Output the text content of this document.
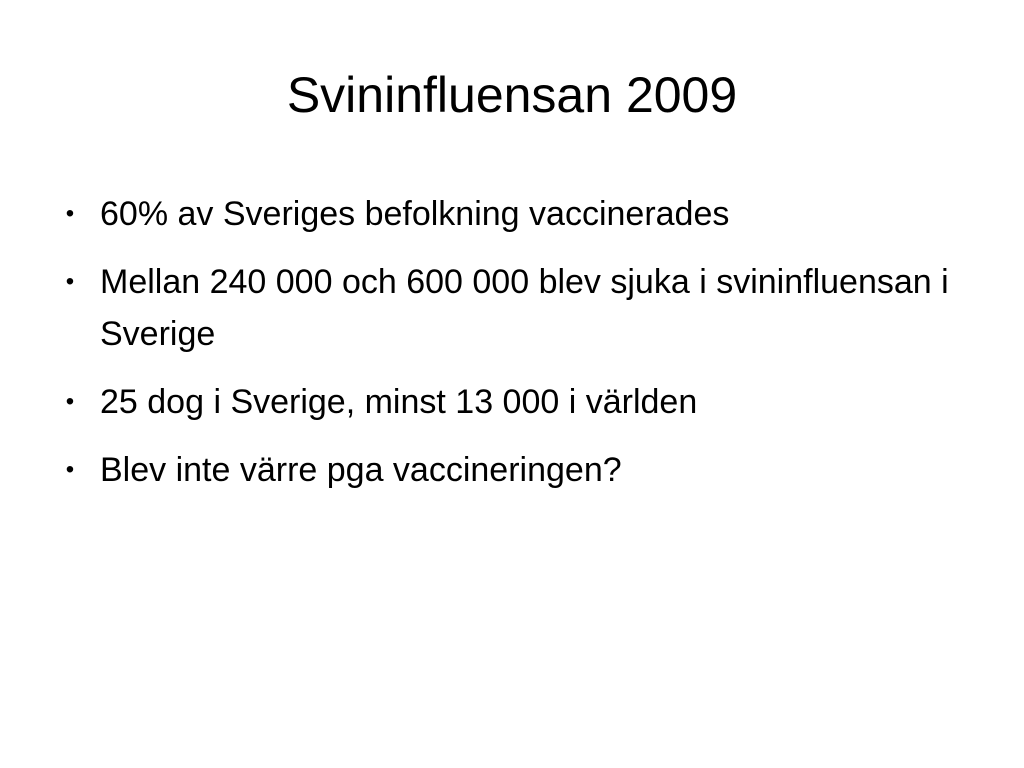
Svininfluensan 2009
• 60% av Sveriges befolkning vaccinerades
• Mellan 240 000 och 600 000 blev sjuka i svininfluensan i Sverige
• 25 dog i Sverige, minst 13 000 i världen
• Blev inte värre pga vaccineringen?
